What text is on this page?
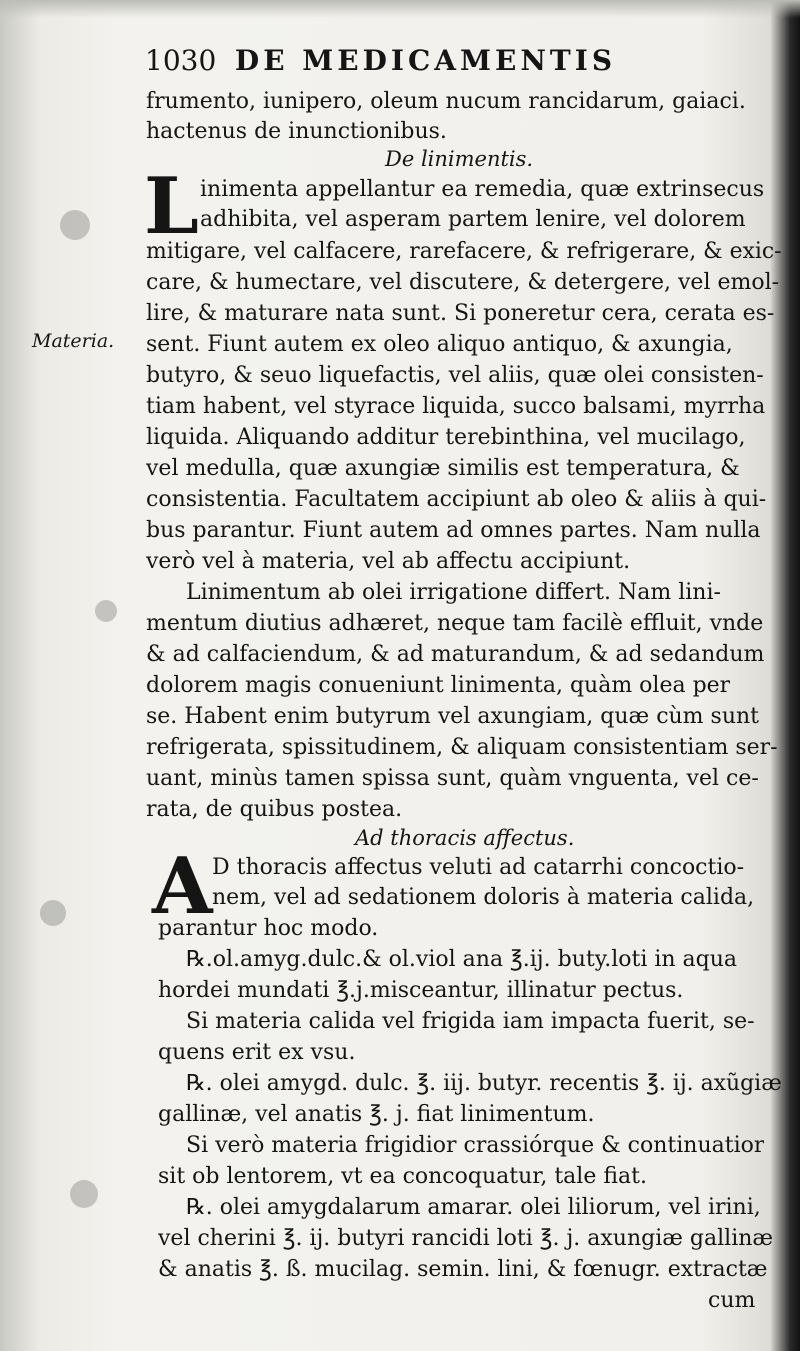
1030 DE MEDICAMENTIS
frumento, iunipero, oleum nucum rancidarum, gaiaci.
hactenus de inunctionibus.
De linimentis.
L inimenta appellantur ea remedia, quæ extrinsecus
adhibita, vel asperam partem lenire, vel dolorem
mitigare, vel calfacere, rarefacere, & refrigerare, & exic-
care, & humectare, vel discutere, & detergere, vel emol-
lire, & maturare nata sunt. Si poneretur cera, cerata es-
Materia. sent. Fiunt autem ex oleo aliquo antiquo, & axungia,
butyro, & seuo liquefactis, vel aliis, quæ olei consisten-
tiam habent, vel styrace liquida, succo balsami, myrrha
liquida. Aliquando additur terebinthina, vel mucilago,
vel medulla, quæ axungiæ similis est temperatura, &
consistentia. Facultatem accipiunt ab oleo & aliis à qui-
bus parantur. Fiunt autem ad omnes partes. Nam nulla
verò vel à materia, vel ab affectu accipiunt.
Linimentum ab olei irrigatione differt. Nam lini-
mentum diutius adhæret, neque tam facilè effluit, vnde
& ad calfaciendum, & ad maturandum, & ad sedandum
dolorem magis conueniunt linimenta, quàm olea per
se. Habent enim butyrum vel axungiam, quæ cùm sunt
refrigerata, spissitudinem, & aliquam consistentiam ser-
uant, minùs tamen spissa sunt, quàm vnguenta, vel ce-
rata, de quibus postea.
Ad thoracis affectus.
A D thoracis affectus veluti ad catarrhi concoctio-
nem, vel ad sedationem doloris à materia calida,
parantur hoc modo.
℞.ol.amyg.dulc.& ol.viol ana ℥.ij. buty.loti in aqua
hordei mundati ℥.j.misceantur, illinatur pectus.
Si materia calida vel frigida iam impacta fuerit, se-
quens erit ex vsu.
℞. olei amygd. dulc. ℥. iij. butyr. recentis ℥. ij. axũgiæ
gallinæ, vel anatis ℥. j. fiat linimentum.
Si verò materia frigidior crassiórque & continuatior
sit ob lentorem, vt ea concoquatur, tale fiat.
℞. olei amygdalarum amarar. olei liliorum, vel irini,
vel cherini ℥. ij. butyri rancidi loti ℥. j. axungiæ gallinæ
& anatis ℥. ß. mucilag. semin. lini, & fœnugr. extractæ
cum
